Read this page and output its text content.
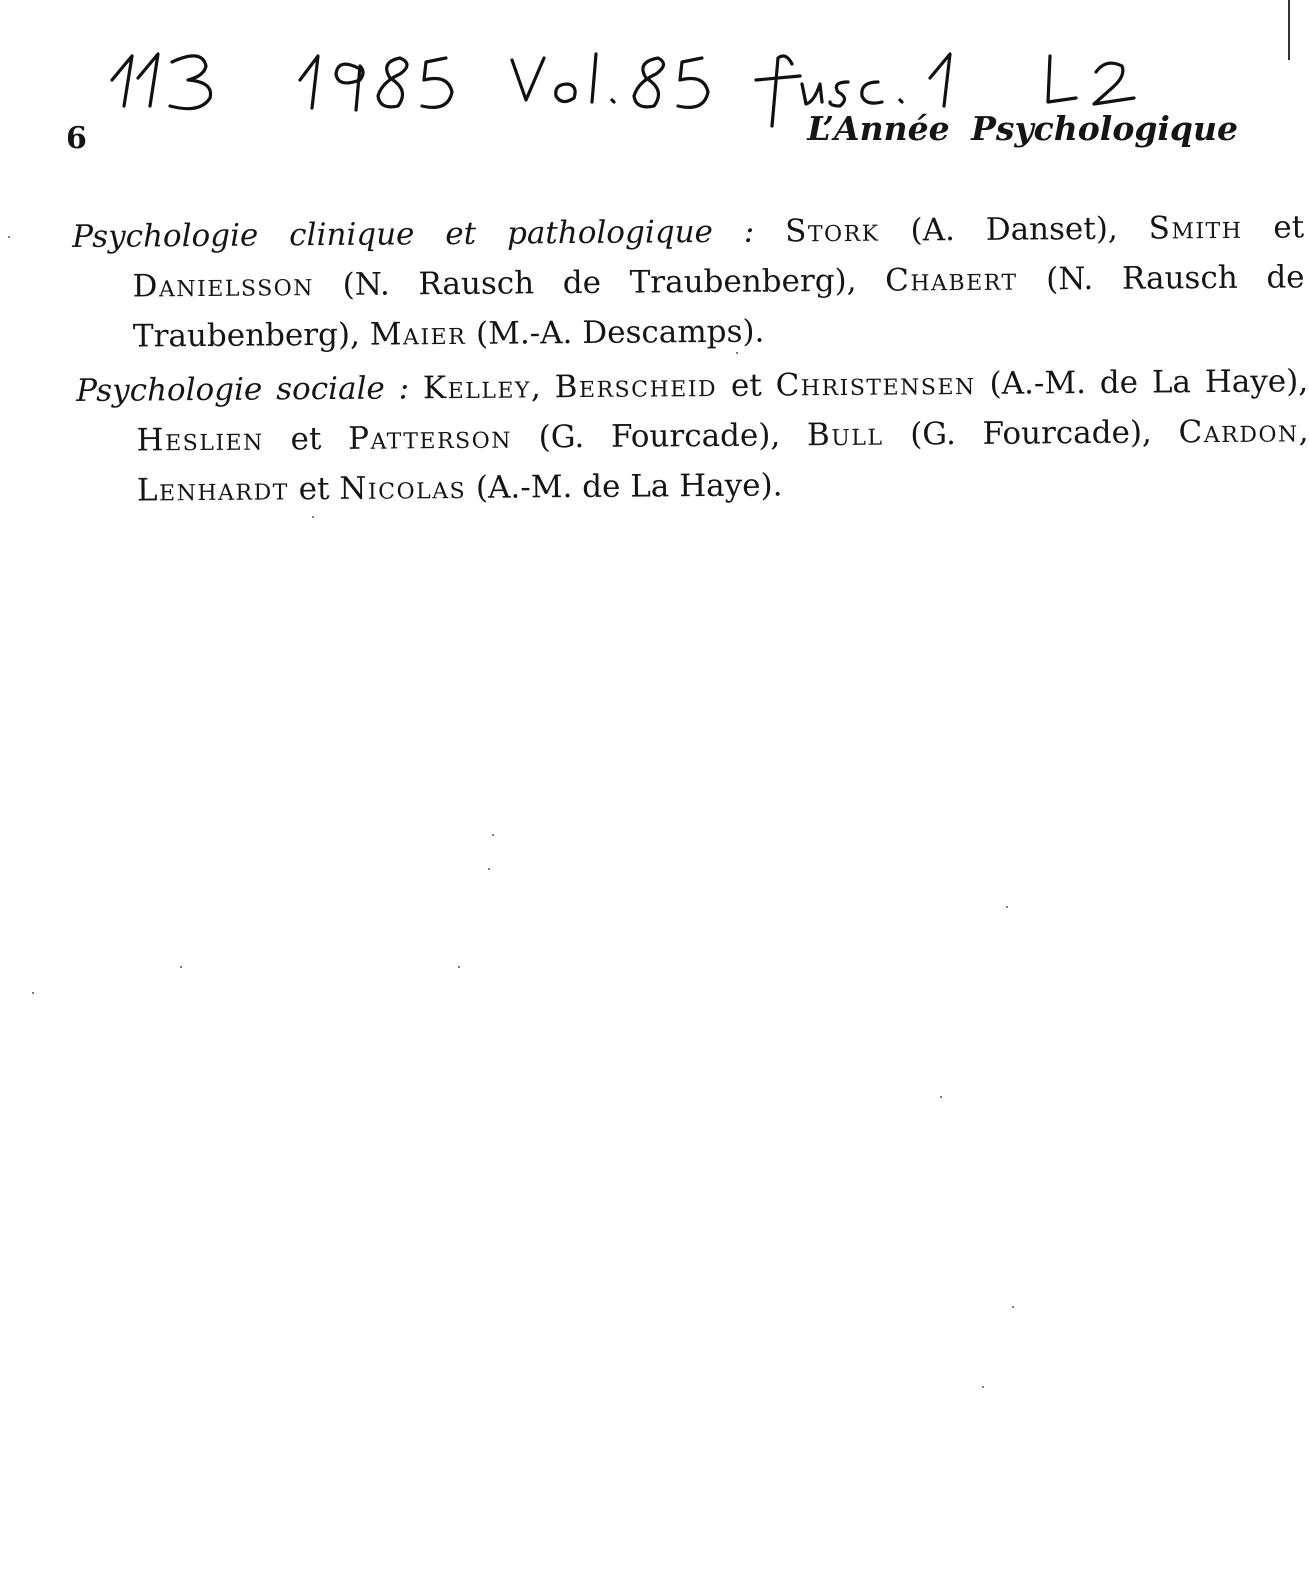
6	L’Année Psychologique

Psychologie clinique et pathologique : Stork (A. Danset), Smith et Danielsson (N. Rausch de Traubenberg), Chabert (N. Rausch de Traubenberg), Maier (M.-A. Descamps).

Psychologie sociale : Kelley, Berscheid et Christensen (A.-M. de La Haye), Heslien et Patterson (G. Fourcade), Bull (G. Fourcade), Cardon, Lenhardt et Nicolas (A.-M. de La Haye).
